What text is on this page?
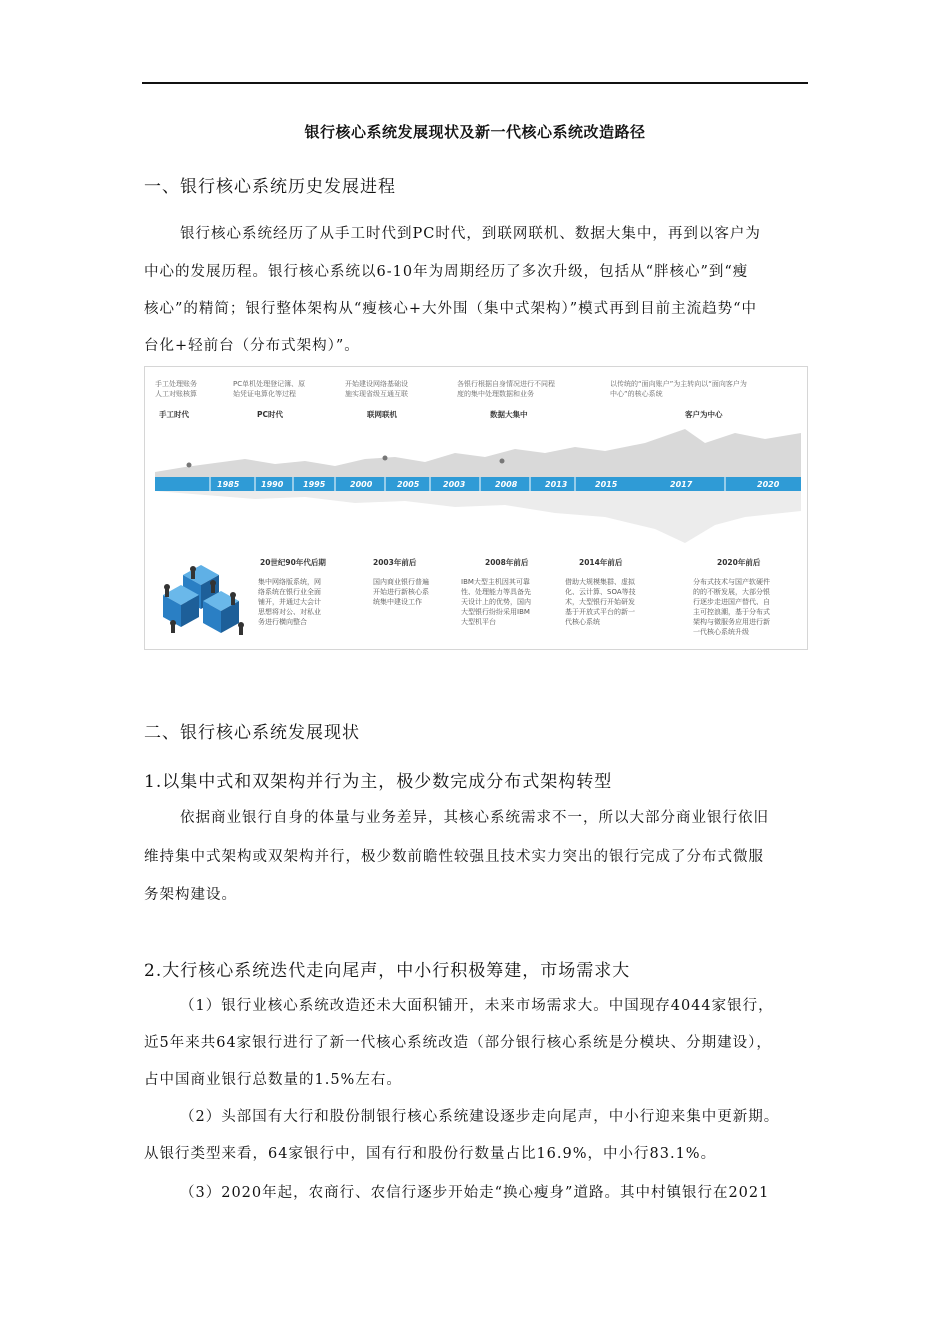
银行核心系统发展现状及新一代核心系统改造路径
一、银行核心系统历史发展进程
银行核心系统经历了从手工时代到PC时代，到联网联机、数据大集中，再到以客户为
中心的发展历程。银行核心系统以6-10年为周期经历了多次升级，包括从“胖核心”到“瘦
核心”的精简；银行整体架构从“瘦核心+大外围（集中式架构）”模式再到目前主流趋势“中
台化+轻前台（分布式架构）”。
1985	1990 1995	2000	2005	2003	2008	2013	2015	2017	2020
手工处理账务
人工对账核算
PC单机处理登记簿、原
始凭证电算化等过程
开始建设网络基础设
施实现省级互通互联
各银行根据自身情况进行不同程
度的集中处理数据和业务
以传统的“面向账户”为主转向以“面向客户为
中心”的核心系统
手工时代	PC时代	联网联机	数据大集中	客户为中心
20世纪90年代后期	2003年前后	2008年前后	2014年前后	2020年前后
集中网络版系统，网
络系统在银行业全面
铺开，并通过大会计
思想将对公、对私业
务进行横向整合
国内商业银行普遍
开始进行新核心系
统集中建设工作
IBM大型主机因其可靠
性、处理能力等具备先
天设计上的优势，国内
大型银行纷纷采用IBM
大型机平台
借助大规模集群、虚拟
化、云计算、SOA等技
术，大型银行开始研发
基于开放式平台的新一
代核心系统
分布式技术与国产软硬件
的的不断发展，大部分银
行逐步走进国产替代、自
主可控浪潮，基于分布式
架构与微服务应用进行新
一代核心系统升级
二、银行核心系统发展现状
1.以集中式和双架构并行为主，极少数完成分布式架构转型
依据商业银行自身的体量与业务差异，其核心系统需求不一，所以大部分商业银行依旧
维持集中式架构或双架构并行，极少数前瞻性较强且技术实力突出的银行完成了分布式微服
务架构建设。
2.大行核心系统迭代走向尾声，中小行积极筹建，市场需求大
（1）银行业核心系统改造还未大面积铺开，未来市场需求大。中国现存4044家银行，
近5年来共64家银行进行了新一代核心系统改造（部分银行核心系统是分模块、分期建设），
占中国商业银行总数量的1.5%左右。
（2）头部国有大行和股份制银行核心系统建设逐步走向尾声，中小行迎来集中更新期。
从银行类型来看，64家银行中，国有行和股份行数量占比16.9%，中小行83.1%。
（3）2020年起，农商行、农信行逐步开始走“换心瘦身”道路。其中村镇银行在2021
